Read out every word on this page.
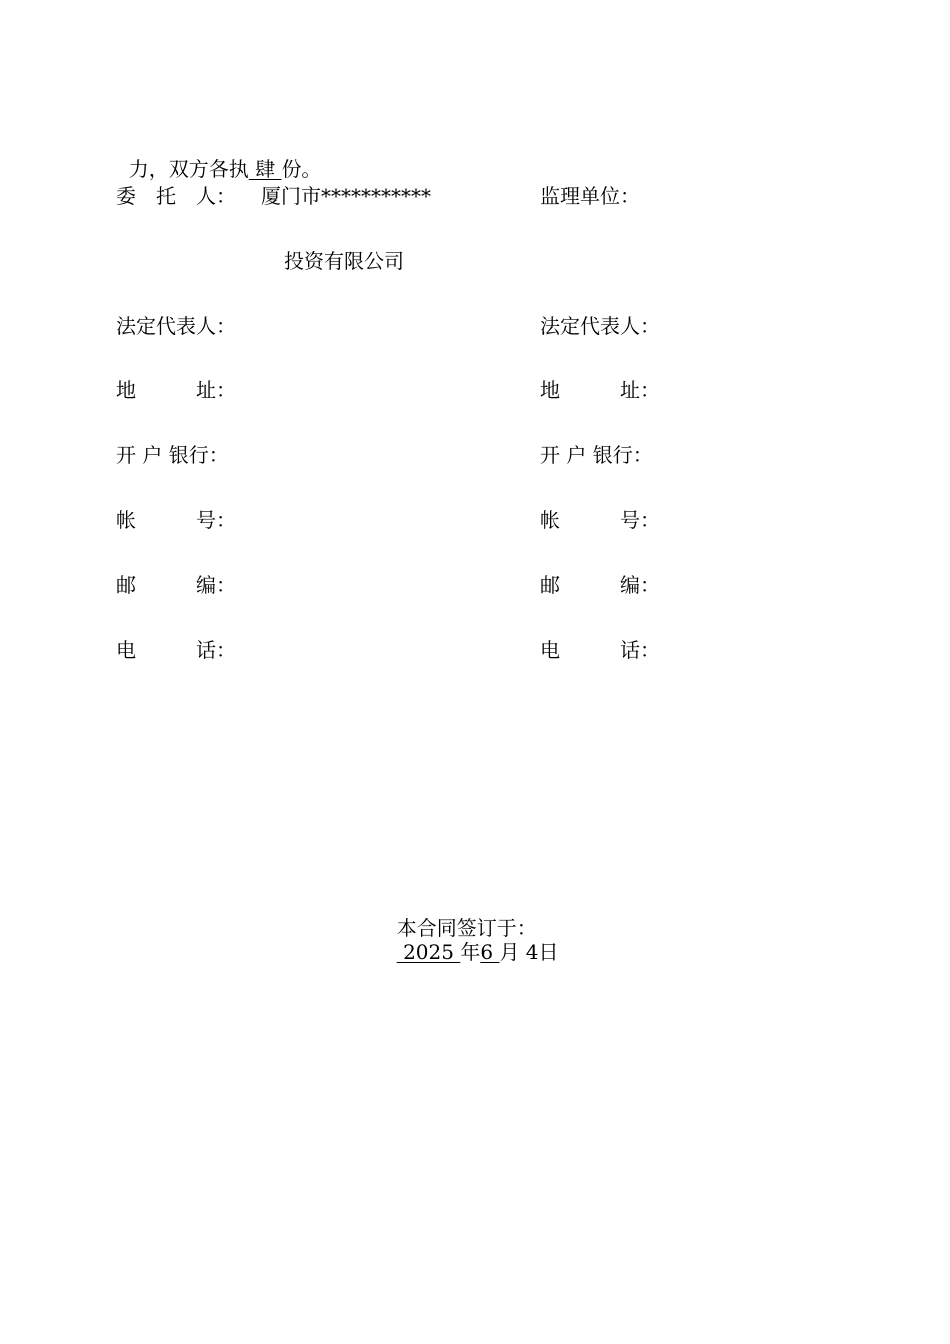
力，双方各执 肆 份。

委　托　人： 厦门市***********
投资有限公司
法定代表人：
地　　　址：
开 户 银行：
帐　　　号：
邮　　　编：
电　　　话：
监理单位：
法定代表人：
地　　　址：
开 户 银行：
帐　　　号：
邮　　　编：
电　　　话：

本合同签订于：
2025 年6 月 4日
